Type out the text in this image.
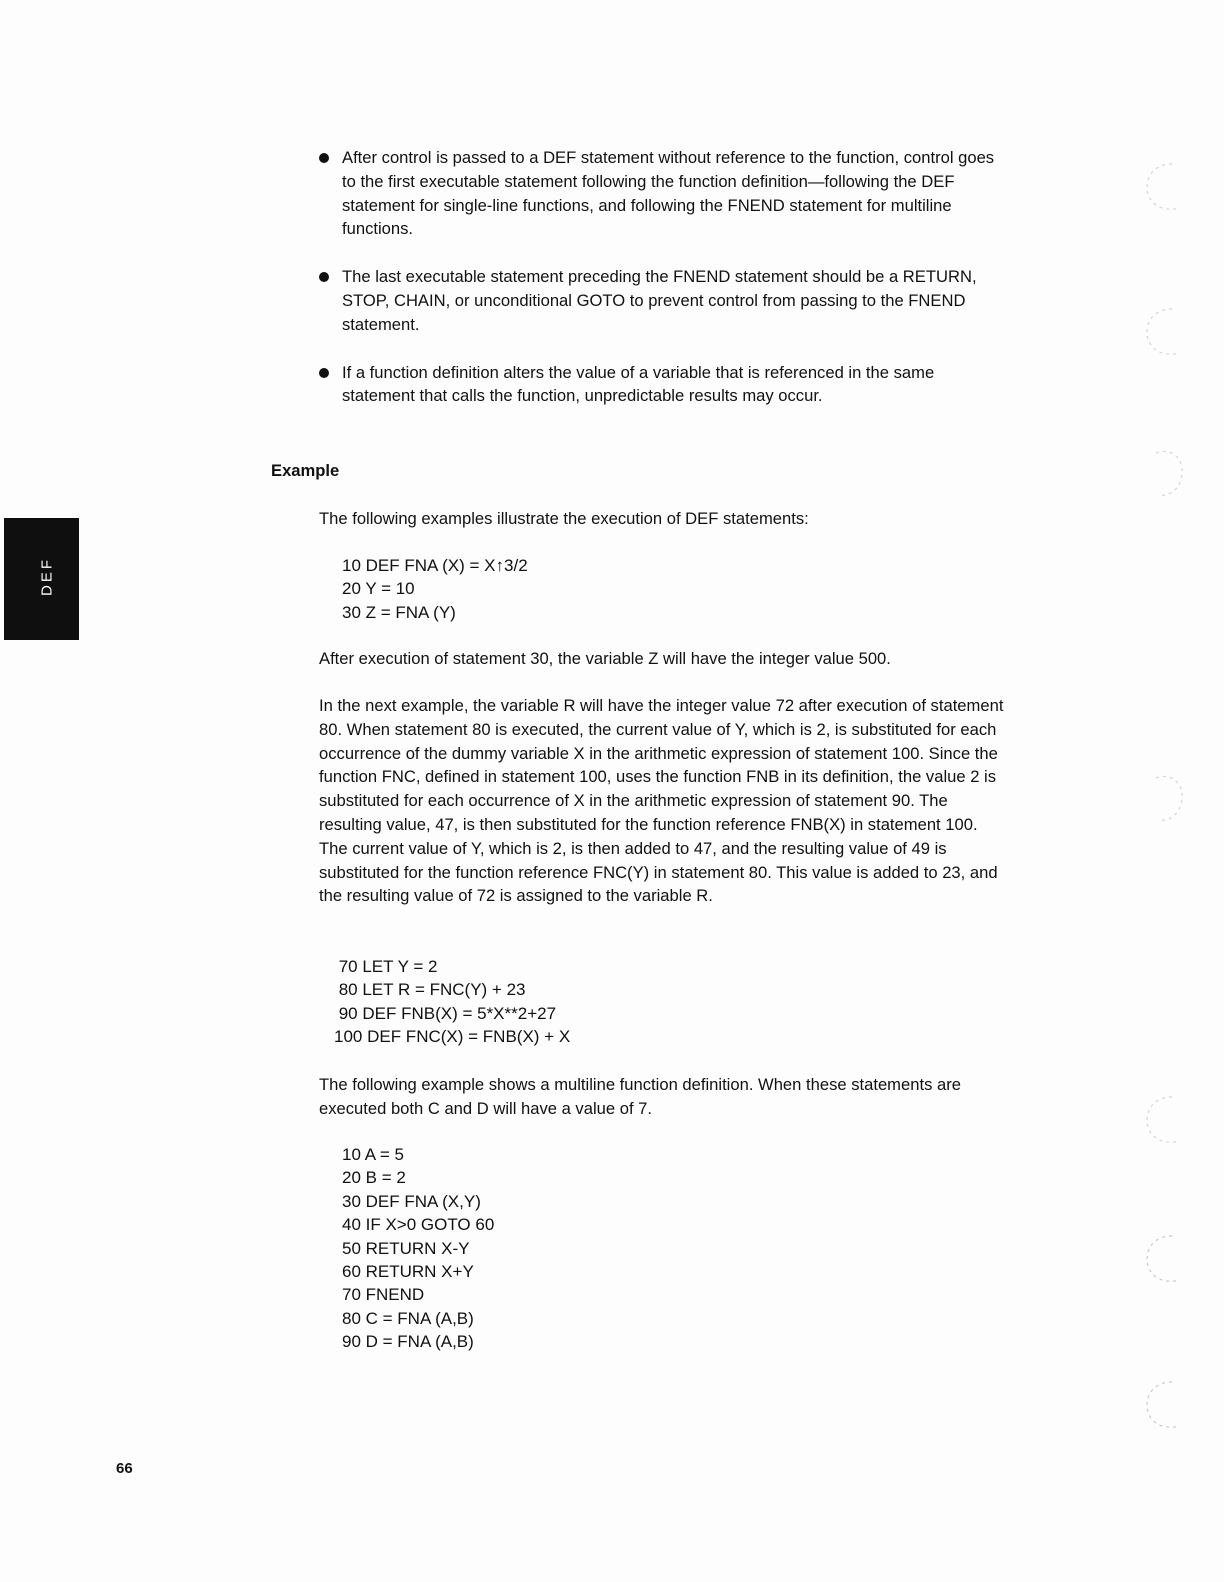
After control is passed to a DEF statement without reference to the function, control goes to the first executable statement following the function definition—following the DEF statement for single-line functions, and following the FNEND statement for multiline functions.
The last executable statement preceding the FNEND statement should be a RETURN, STOP, CHAIN, or unconditional GOTO to prevent control from passing to the FNEND statement.
If a function definition alters the value of a variable that is referenced in the same statement that calls the function, unpredictable results may occur.
Example
The following examples illustrate the execution of DEF statements:
10 DEF FNA (X) = X↑3/2
20 Y = 10
30 Z = FNA (Y)
After execution of statement 30, the variable Z will have the integer value 500.
In the next example, the variable R will have the integer value 72 after execution of statement 80. When statement 80 is executed, the current value of Y, which is 2, is substituted for each occurrence of the dummy variable X in the arithmetic expression of statement 100. Since the function FNC, defined in statement 100, uses the function FNB in its definition, the value 2 is substituted for each occurrence of X in the arithmetic expression of statement 90. The resulting value, 47, is then substituted for the function reference FNB(X) in statement 100. The current value of Y, which is 2, is then added to 47, and the resulting value of 49 is substituted for the function reference FNC(Y) in statement 80. This value is added to 23, and the resulting value of 72 is assigned to the variable R.
70 LET Y = 2
80 LET R = FNC(Y) + 23
90 DEF FNB(X) = 5*X**2+27
100 DEF FNC(X) = FNB(X) + X
The following example shows a multiline function definition. When these statements are executed both C and D will have a value of 7.
10 A = 5
20 B = 2
30 DEF FNA (X,Y)
40 IF X>0 GOTO 60
50 RETURN X-Y
60 RETURN X+Y
70 FNEND
80 C = FNA (A,B)
90 D = FNA (A,B)
DEF
66
